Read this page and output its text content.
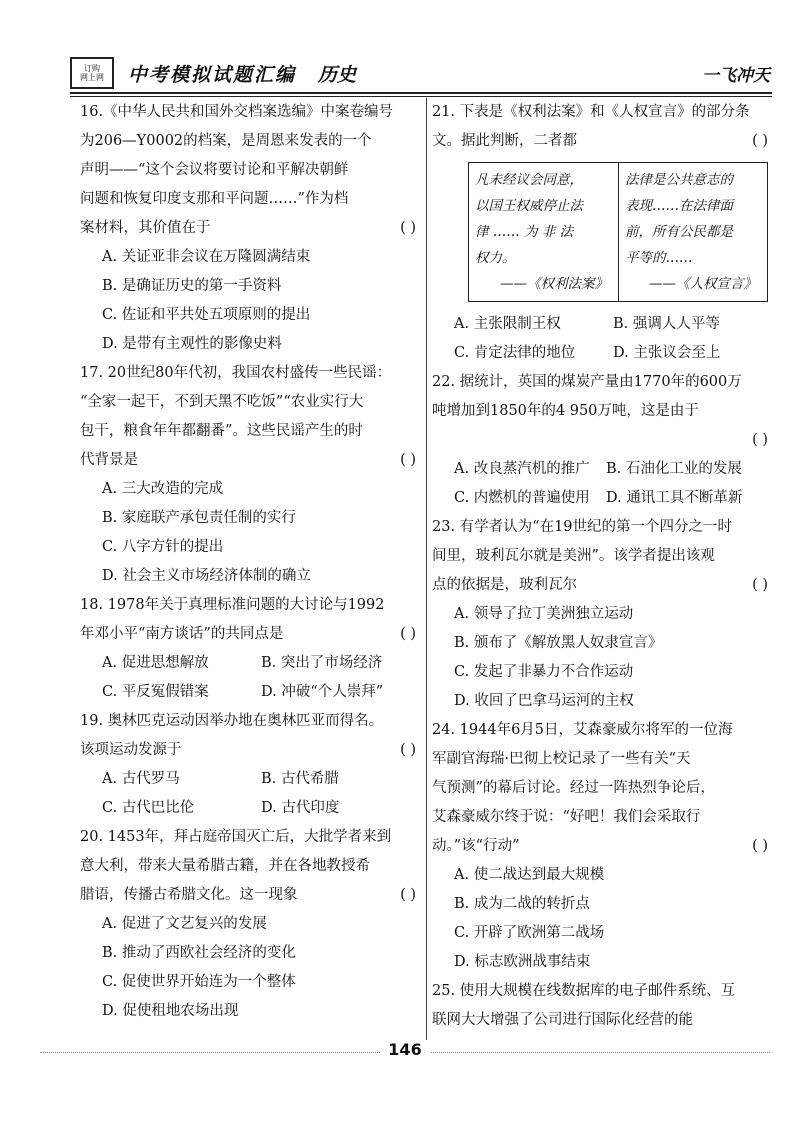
订购
网上网 中考模拟试题汇编 历史	一飞冲天
16.《中华人民共和国外交档案选编》中案卷编号
为206—Y0002的档案，是周恩来发表的一个
声明——“这个会议将要讨论和平解决朝鲜
问题和恢复印度支那和平问题……”作为档
案材料，其价值在于	( )
A. 关证亚非会议在万隆圆满结束
B. 是确证历史的第一手资料
C. 佐证和平共处五项原则的提出
D. 是带有主观性的影像史料
17. 20世纪80年代初，我国农村盛传一些民谣：
“全家一起干，不到天黑不吃饭”“农业实行大
包干，粮食年年都翻番”。这些民谣产生的时
代背景是	( )
A. 三大改造的完成
B. 家庭联产承包责任制的实行
C. 八字方针的提出
D. 社会主义市场经济体制的确立
18. 1978年关于真理标准问题的大讨论与1992
年邓小平“南方谈话”的共同点是	( )
A. 促进思想解放	B. 突出了市场经济
C. 平反冤假错案	D. 冲破“个人崇拜”
19. 奥林匹克运动因举办地在奥林匹亚而得名。
该项运动发源于	( )
A. 古代罗马	B. 古代希腊
C. 古代巴比伦	D. 古代印度
20. 1453年，拜占庭帝国灭亡后，大批学者来到
意大利，带来大量希腊古籍，并在各地教授希
腊语，传播古希腊文化。这一现象	( )
A. 促进了文艺复兴的发展
B. 推动了西欧社会经济的变化
C. 促使世界开始连为一个整体
D. 促使租地农场出现
21. 下表是《权利法案》和《人权宣言》的部分条
文。据此判断，二者都	( )
凡未经议会同意，
以国王权威停止法
律 …… 为 非 法
权力。
——《权利法案》
法律是公共意志的
表现……在法律面
前，所有公民都是
平等的……
——《人权宣言》
A. 主张限制王权	B. 强调人人平等
C. 肯定法律的地位	D. 主张议会至上
22. 据统计，英国的煤炭产量由1770年的600万
吨增加到1850年的4 950万吨，这是由于
( )

A. 改良蒸汽机的推广	B. 石油化工业的发展
C. 内燃机的普遍使用	D. 通讯工具不断革新
23. 有学者认为“在19世纪的第一个四分之一时
间里，玻利瓦尔就是美洲”。该学者提出该观
点的依据是，玻利瓦尔	( )
A. 领导了拉丁美洲独立运动
B. 颁布了《解放黑人奴隶宣言》
C. 发起了非暴力不合作运动
D. 收回了巴拿马运河的主权
24. 1944年6月5日，艾森豪威尔将军的一位海
军副官海瑞·巴彻上校记录了一些有关“天
气预测”的幕后讨论。经过一阵热烈争论后，
艾森豪威尔终于说：“好吧！我们会采取行
动。”该“行动”	( )
A. 使二战达到最大规模
B. 成为二战的转折点
C. 开辟了欧洲第二战场
D. 标志欧洲战事结束
25. 使用大规模在线数据库的电子邮件系统、互
联网大大增强了公司进行国际化经营的能
146
